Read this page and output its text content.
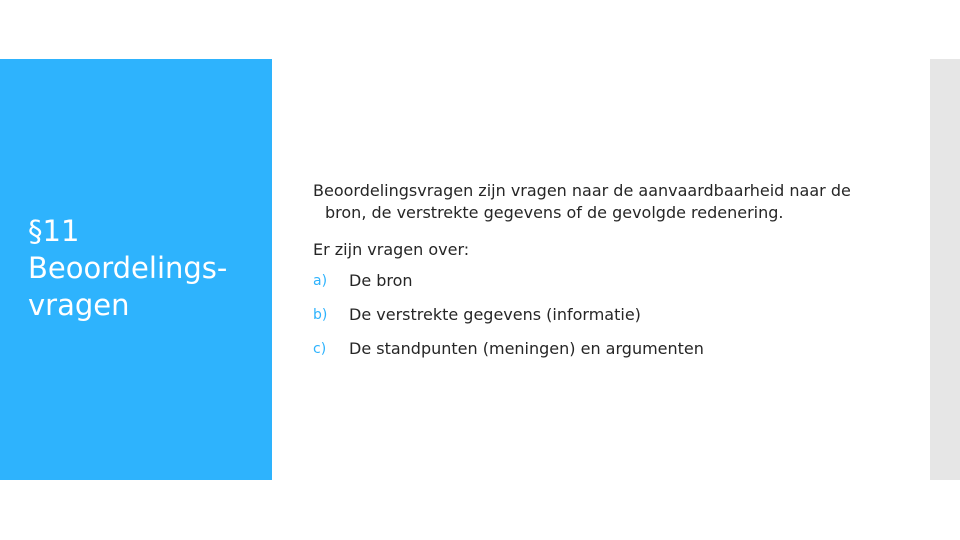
§11
Beoordelings-
vragen

Beoordelingsvragen zijn vragen naar de aanvaardbaarheid naar de bron, de verstrekte gegevens of de gevolgde redenering.

Er zijn vragen over:

a)	De bron
b)	De verstrekte gegevens (informatie)
c)	De standpunten (meningen) en argumenten
